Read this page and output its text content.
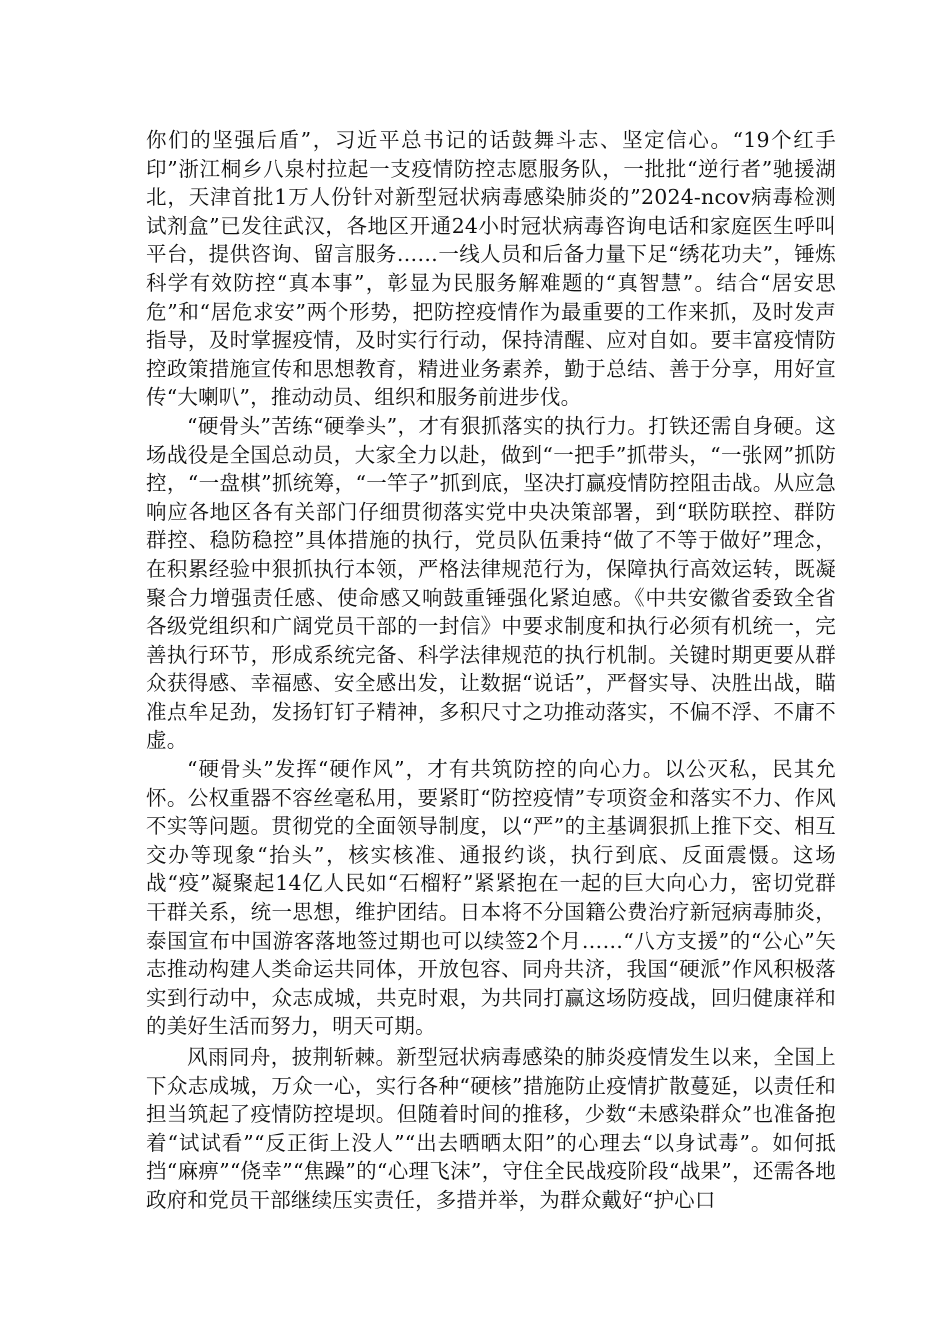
你们的坚强后盾”，习近平总书记的话鼓舞斗志、坚定信心。“19个红手印”浙江桐乡八泉村拉起一支疫情防控志愿服务队，一批批“逆行者”驰援湖北，天津首批1万人份针对新型冠状病毒感染肺炎的”2024-ncov病毒检测试剂盒”已发往武汉，各地区开通24小时冠状病毒咨询电话和家庭医生呼叫平台，提供咨询、留言服务……一线人员和后备力量下足“绣花功夫”，锤炼科学有效防控“真本事”，彰显为民服务解难题的“真智慧”。结合“居安思危”和“居危求安”两个形势，把防控疫情作为最重要的工作来抓，及时发声指导，及时掌握疫情，及时实行行动，保持清醒、应对自如。要丰富疫情防控政策措施宣传和思想教育，精进业务素养，勤于总结、善于分享，用好宣传“大喇叭”，推动动员、组织和服务前进步伐。

“硬骨头”苦练“硬拳头”，才有狠抓落实的执行力。打铁还需自身硬。这场战役是全国总动员，大家全力以赴，做到“一把手”抓带头，“一张网”抓防控，“一盘棋”抓统筹，“一竿子”抓到底，坚决打赢疫情防控阻击战。从应急响应各地区各有关部门仔细贯彻落实党中央决策部署，到“联防联控、群防群控、稳防稳控”具体措施的执行，党员队伍秉持“做了不等于做好”理念，在积累经验中狠抓执行本领，严格法律规范行为，保障执行高效运转，既凝聚合力增强责任感、使命感又响鼓重锤强化紧迫感。《中共安徽省委致全省各级党组织和广阔党员干部的一封信》中要求制度和执行必须有机统一，完善执行环节，形成系统完备、科学法律规范的执行机制。关键时期更要从群众获得感、幸福感、安全感出发，让数据“说话”，严督实导、决胜出战，瞄准点牟足劲，发扬钉钉子精神，多积尺寸之功推动落实，不偏不浮、不庸不虚。

“硬骨头”发挥“硬作风”，才有共筑防控的向心力。以公灭私，民其允怀。公权重器不容丝毫私用，要紧盯“防控疫情”专项资金和落实不力、作风不实等问题。贯彻党的全面领导制度，以“严”的主基调狠抓上推下交、相互交办等现象“抬头”，核实核准、通报约谈，执行到底、反面震慑。这场战“疫”凝聚起14亿人民如“石榴籽”紧紧抱在一起的巨大向心力，密切党群干群关系，统一思想，维护团结。日本将不分国籍公费治疗新冠病毒肺炎，泰国宣布中国游客落地签过期也可以续签2个月……“八方支援”的“公心”矢志推动构建人类命运共同体，开放包容、同舟共济，我国“硬派”作风积极落实到行动中，众志成城，共克时艰，为共同打赢这场防疫战，回归健康祥和的美好生活而努力，明天可期。

风雨同舟，披荆斩棘。新型冠状病毒感染的肺炎疫情发生以来，全国上下众志成城，万众一心，实行各种“硬核”措施防止疫情扩散蔓延，以责任和担当筑起了疫情防控堤坝。但随着时间的推移，少数“未感染群众”也准备抱着“试试看”“反正街上没人”“出去晒晒太阳”的心理去“以身试毒”。如何抵挡“麻痹”“侥幸”“焦躁”的“心理飞沫”，守住全民战疫阶段“战果”，还需各地政府和党员干部继续压实责任，多措并举，为群众戴好“护心口
